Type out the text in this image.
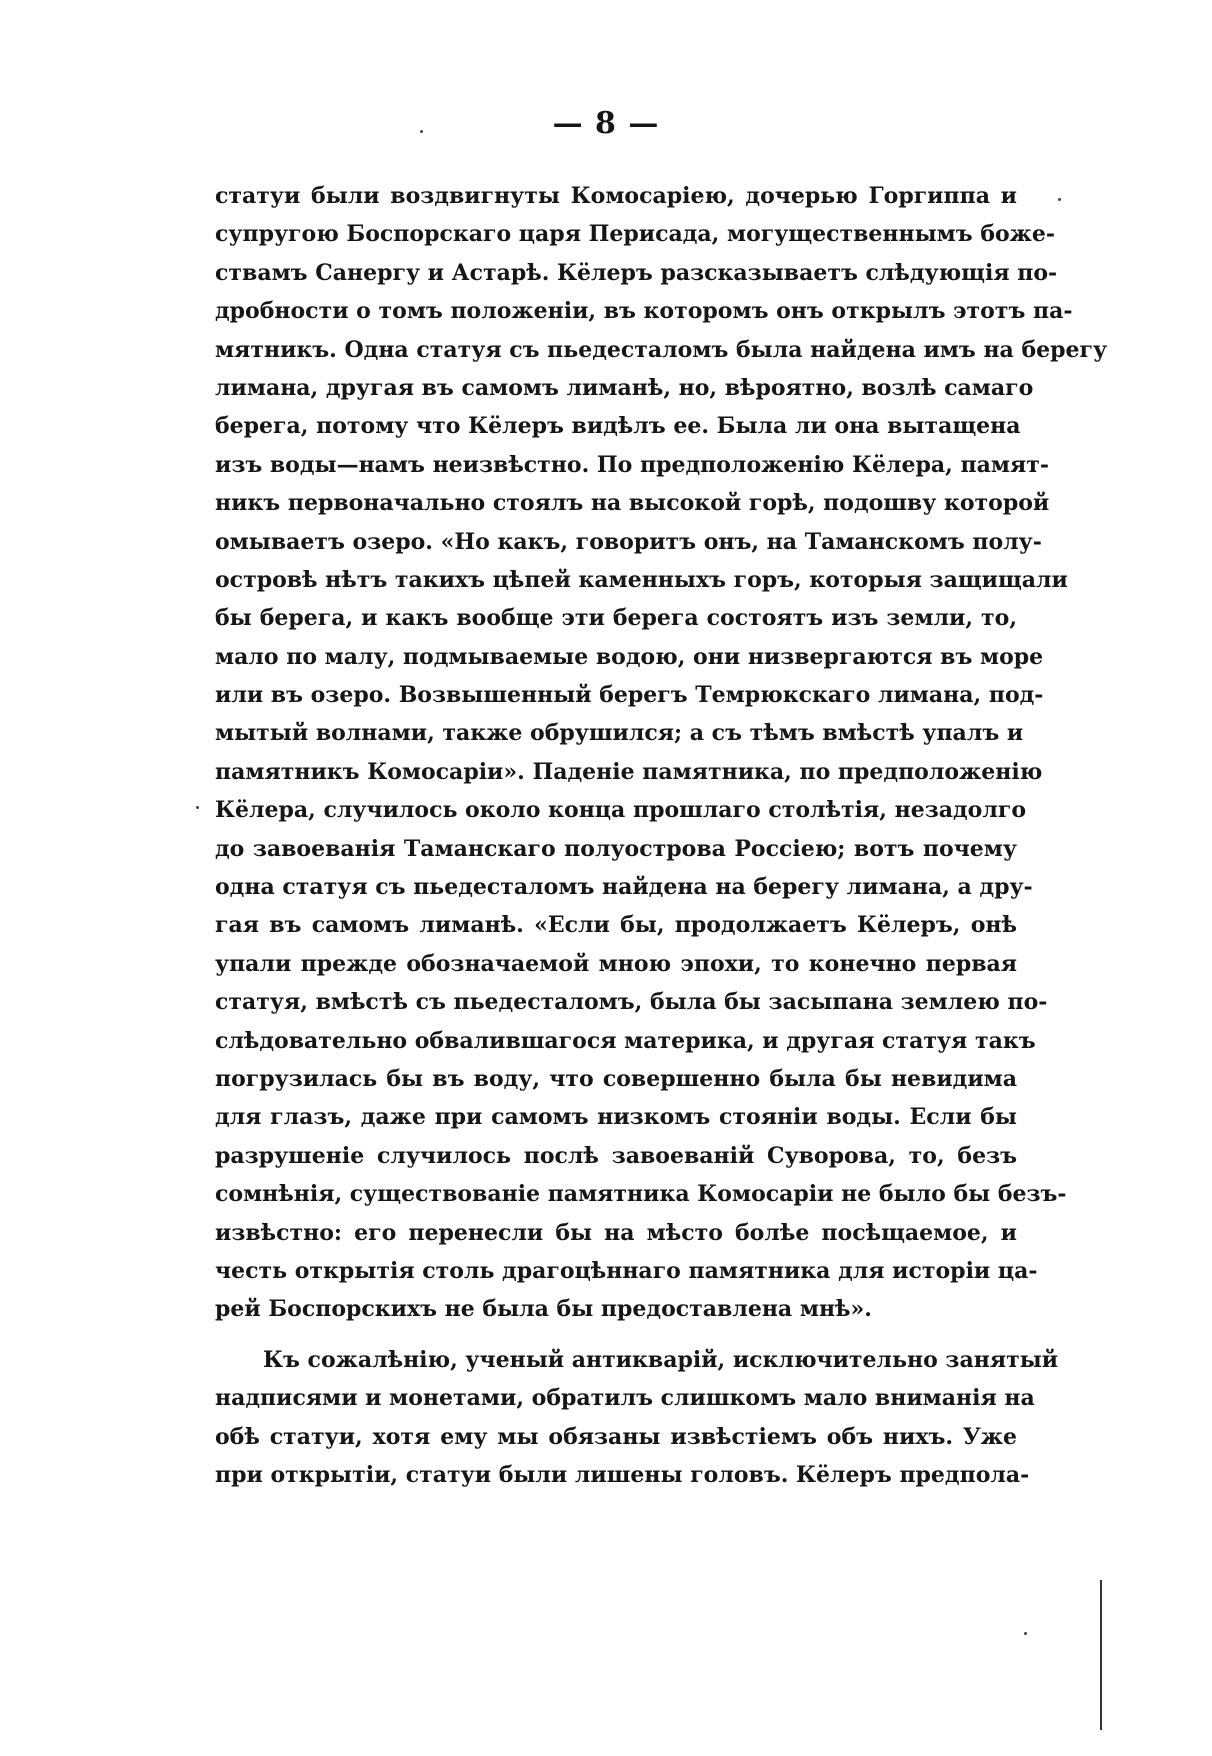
— 8 —
статуи были воздвигнуты Комосаріею, дочерью Горгиппа и
супругою Боспорскаго царя Перисада, могущественнымъ боже-
ствамъ Санергу и Астарѣ. Кёлеръ разсказываетъ слѣдующія по-
дробности о томъ положеніи, въ которомъ онъ открылъ этотъ па-
мятникъ. Одна статуя съ пьедесталомъ была найдена имъ на берегу
лимана, другая въ самомъ лиманѣ, но, вѣроятно, возлѣ самаго
берега, потому что Кёлеръ видѣлъ ее. Была ли она вытащена
изъ воды—намъ неизвѣстно. По предположенію Кёлера, памят-
никъ первоначально стоялъ на высокой горѣ, подошву которой
омываетъ озеро. «Но какъ, говоритъ онъ, на Таманскомъ полу-
островѣ нѣтъ такихъ цѣпей каменныхъ горъ, которыя защищали
бы берега, и какъ вообще эти берега состоятъ изъ земли, то,
мало по малу, подмываемые водою, они низвергаются въ море
или въ озеро. Возвышенный берегъ Темрюкскаго лимана, под-
мытый волнами, также обрушился; а съ тѣмъ вмѣстѣ упалъ и
памятникъ Комосаріи». Паденіе памятника, по предположенію
Кёлера, случилось около конца прошлаго столѣтія, незадолго
до завоеванія Таманскаго полуострова Россіею; вотъ почему
одна статуя съ пьедесталомъ найдена на берегу лимана, а дру-
гая въ самомъ лиманѣ. «Если бы, продолжаетъ Кёлеръ, онѣ
упали прежде обозначаемой мною эпохи, то конечно первая
статуя, вмѣстѣ съ пьедесталомъ, была бы засыпана землею по-
слѣдовательно обвалившагося материка, и другая статуя такъ
погрузилась бы въ воду, что совершенно была бы невидима
для глазъ, даже при самомъ низкомъ стояніи воды. Если бы
разрушеніе случилось послѣ завоеваній Суворова, то, безъ
сомнѣнія, существованіе памятника Комосаріи не было бы безъ-
извѣстно: его перенесли бы на мѣсто болѣе посѣщаемое, и
честь открытія столь драгоцѣннаго памятника для исторіи ца-
рей Боспорскихъ не была бы предоставлена мнѣ».
Къ сожалѣнію, ученый антикварій, исключительно занятый
надписями и монетами, обратилъ слишкомъ мало вниманія на
обѣ статуи, хотя ему мы обязаны извѣстіемъ объ нихъ. Уже
при открытіи, статуи были лишены головъ. Кёлеръ предпола-
